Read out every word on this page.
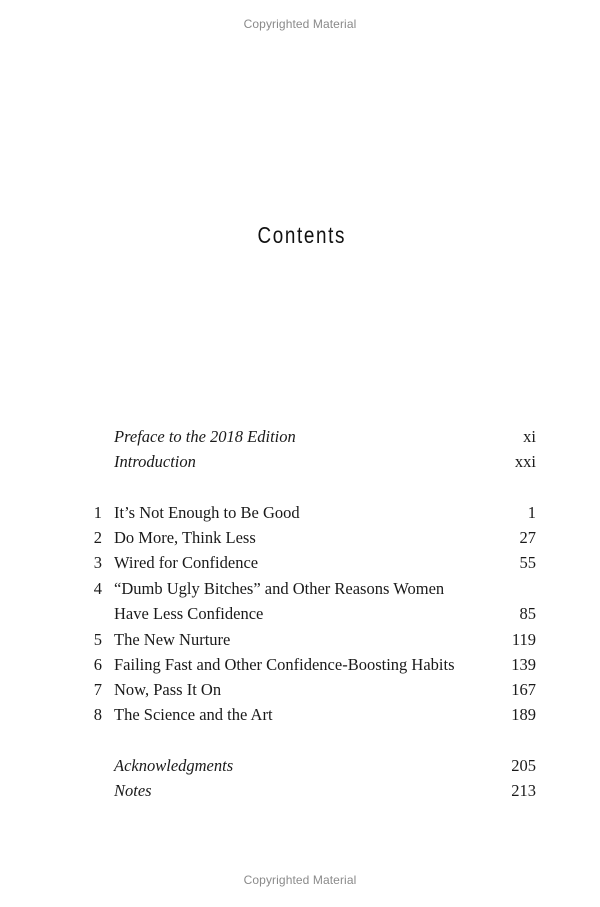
Copyrighted Material
Contents
Preface to the 2018 Edition	xi
Introduction	xxi
1 It’s Not Enough to Be Good	1
2 Do More, Think Less	27
3 Wired for Confidence	55
4 “Dumb Ugly Bitches” and Other Reasons Women
Have Less Confidence	85
5 The New Nurture	119
6 Failing Fast and Other Confidence-Boosting Habits	139
7 Now, Pass It On	167
8 The Science and the Art	189
Acknowledgments	205
Notes	213
Copyrighted Material
